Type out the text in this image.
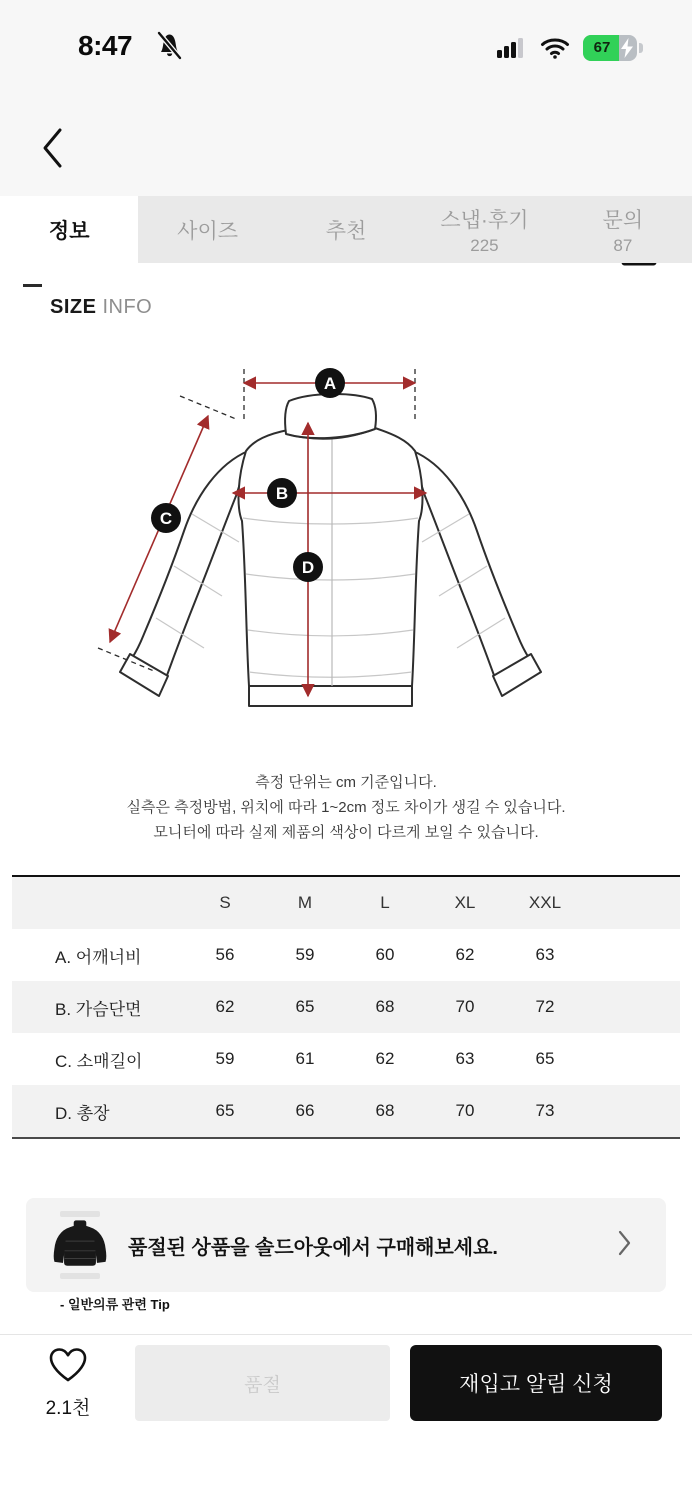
8:47	67
정보	사이즈	추천	스냅·후기
225
문의
87
SIZE INFO
A
B
C
D
측정 단위는 cm 기준입니다.
실측은 측정방법, 위치에 따라 1~2cm 정도 차이가 생길 수 있습니다.
모니터에 따라 실제 제품의 색상이 다르게 보일 수 있습니다.
S	M	L	XL	XXL
A. 어깨너비	56	59	60	62	63
B. 가슴단면	62	65	68	70	72
C. 소매길이	59	61	62	63	65
D. 총장	65	66	68	70	73
품절된 상품을 솔드아웃에서 구매해보세요.
- 일반의류 관련 Tip
2.1천
품절	재입고 알림 신청
